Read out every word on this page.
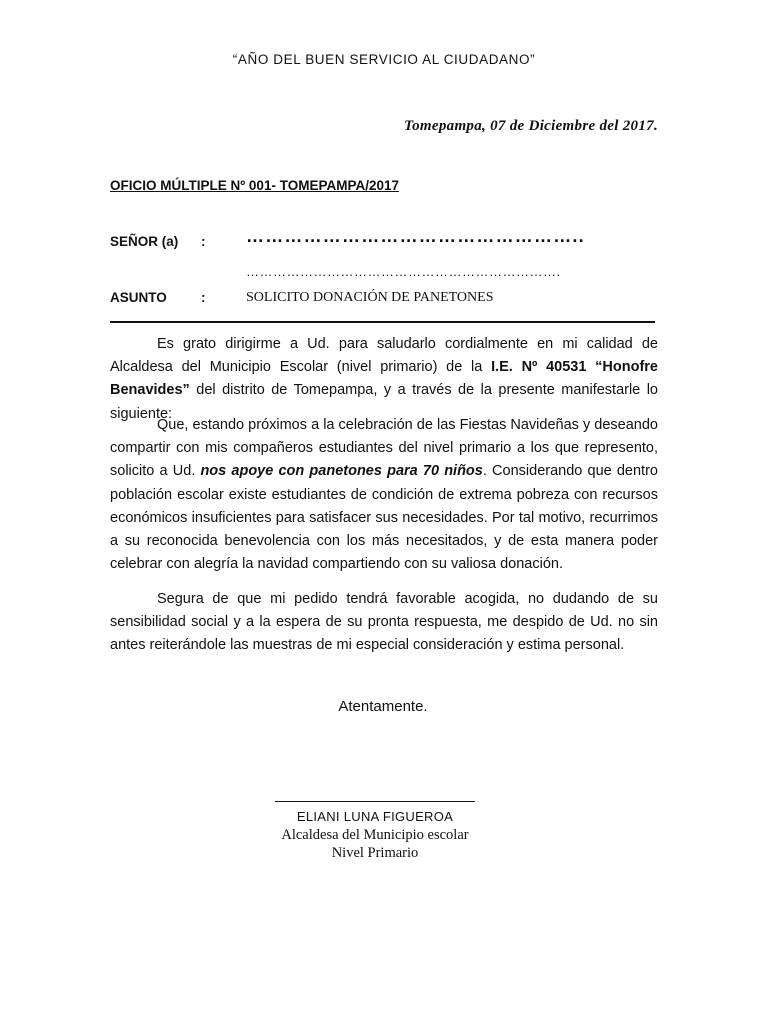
“AÑO DEL BUEN SERVICIO AL CIUDADANO”
Tomepampa, 07 de Diciembre del 2017.
OFICIO MÚLTIPLE Nº 001- TOMEPAMPA/2017
SEÑOR (a) : ……………………………………………..
…………………………………………………………….
ASUNTO	:	SOLICITO DONACIÓN DE PANETONES

Es grato dirigirme a Ud. para saludarlo cordialmente en mi calidad de Alcaldesa del Municipio Escolar (nivel primario) de la I.E. Nº 40531 “Honofre Benavides” del distrito de Tomepampa, y a través de la presente manifestarle lo siguiente:

Que, estando próximos a la celebración de las Fiestas Navideñas y deseando compartir con mis compañeros estudiantes del nivel primario a los que represento, solicito a Ud. nos apoye con panetones para 70 niños. Considerando que dentro población escolar existe estudiantes de condición de extrema pobreza con recursos económicos insuficientes para satisfacer sus necesidades. Por tal motivo, recurrimos a su reconocida benevolencia con los más necesitados, y de esta manera poder celebrar con alegría la navidad compartiendo con su valiosa donación.

Segura de que mi pedido tendrá favorable acogida, no dudando de su sensibilidad social y a la espera de su pronta respuesta, me despido de Ud. no sin antes reiterándole las muestras de mi especial consideración y estima personal.

Atentamente.
ELIANI LUNA FIGUEROA
Alcaldesa del Municipio escolar
Nivel Primario
